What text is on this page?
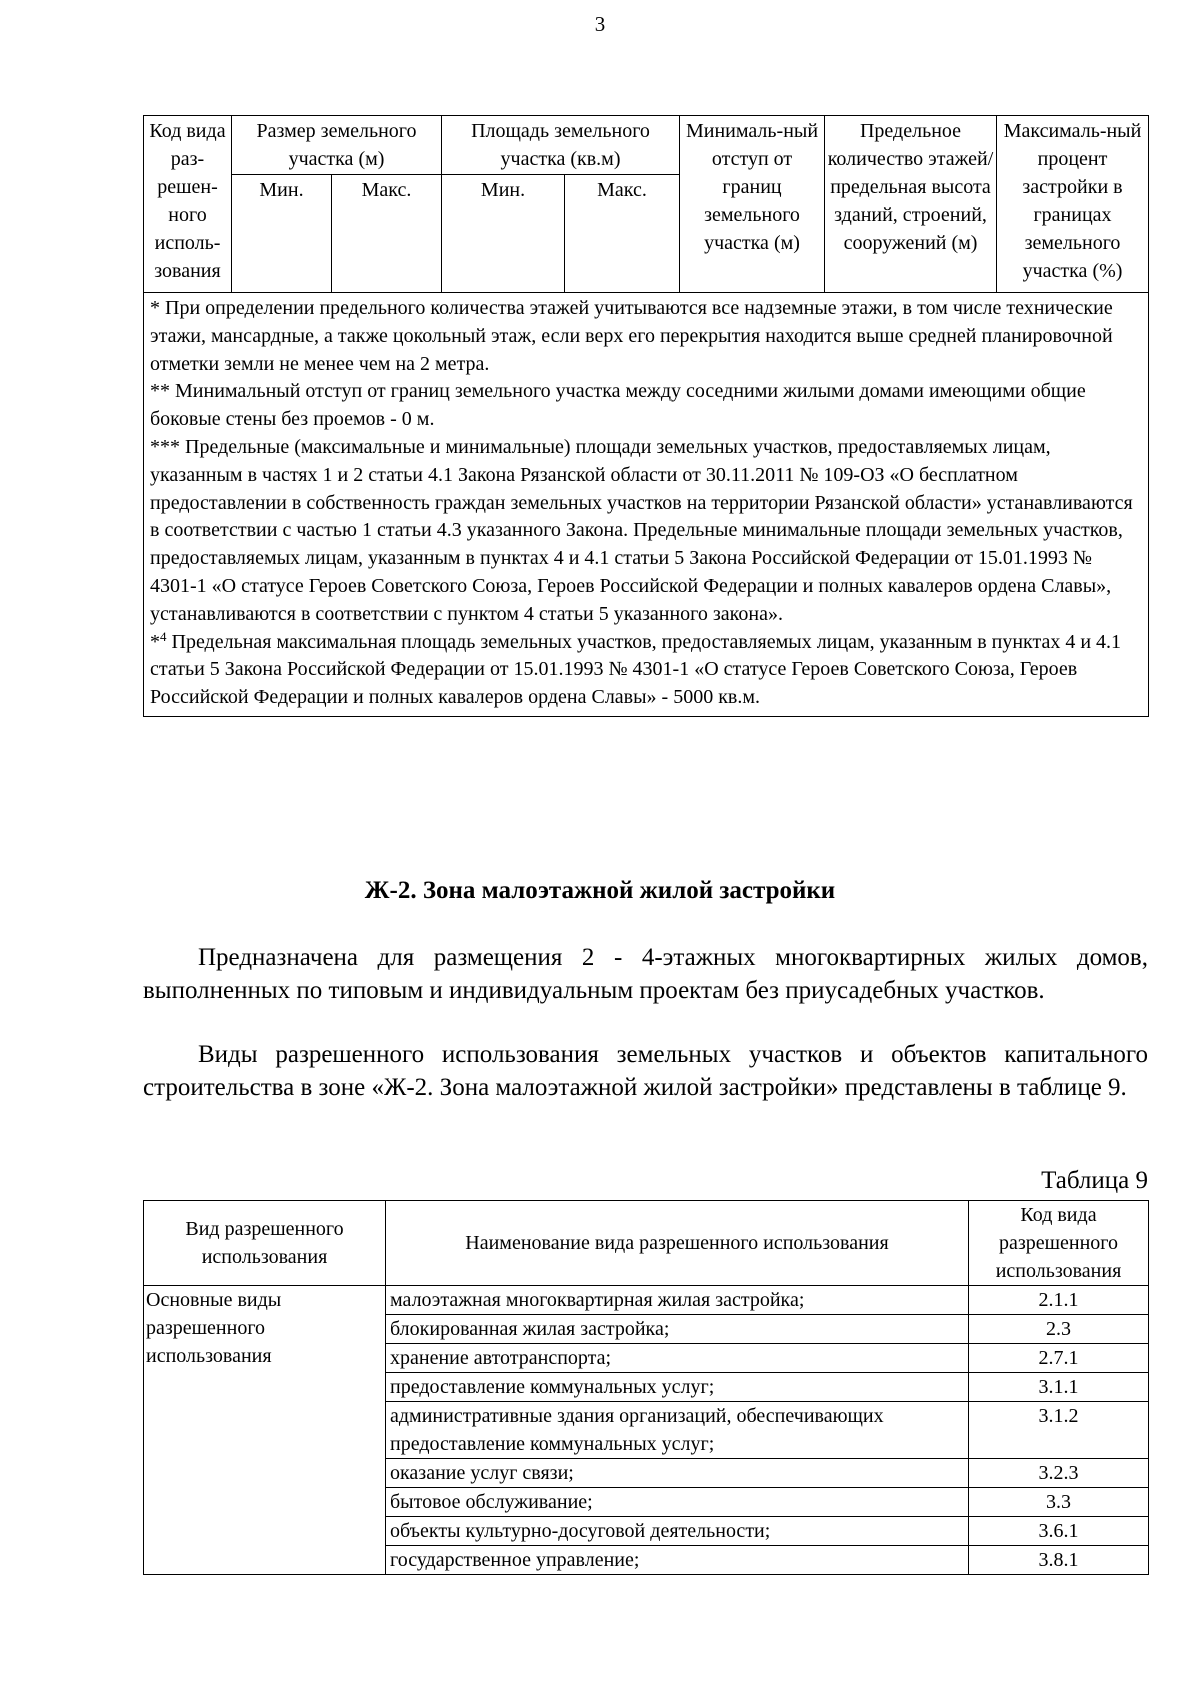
3
Код вида раз-решен-ного исполь-зования	Размер земельного участка (м)		Площадь земельного участка (кв.м)		Минималь-ный отступ от границ земельного участка (м)	Предельное количество этажей/ предельная высота зданий, строений, сооружений (м)	Максималь-ный процент застройки в границах земельного участка (%)
	Мин.	Макс.	Мин.	Макс.			

* При определении предельного количества этажей учитываются все надземные этажи, в том числе технические этажи, мансардные, а также цокольный этаж, если верх его перекрытия находится выше средней планировочной отметки земли не менее чем на 2 метра.

** Минимальный отступ от границ земельного участка между соседними жилыми домами имеющими общие боковые стены без проемов - 0 м.

*** Предельные (максимальные и минимальные) площади земельных участков, предоставляемых лицам, указанным в частях 1 и 2 статьи 4.1 Закона Рязанской области от 30.11.2011 № 109-ОЗ «О бесплатном предоставлении в собственность граждан земельных участков на территории Рязанской области» устанавливаются в соответствии с частью 1 статьи 4.3 указанного Закона. Предельные минимальные площади земельных участков, предоставляемых лицам, указанным в пунктах 4 и 4.1 статьи 5 Закона Российской Федерации от 15.01.1993 № 4301-1 «О статусе Героев Советского Союза, Героев Российской Федерации и полных кавалеров ордена Славы», устанавливаются в соответствии с пунктом 4 статьи 5 указанного закона».

*$^4$ Предельная максимальная площадь земельных участков, предоставляемых лицам, указанным в пунктах 4 и 4.1 статьи 5 Закона Российской Федерации от 15.01.1993 № 4301-1 «О статусе Героев Советского Союза, Героев Российской Федерации и полных кавалеров ордена Славы» - 5000 кв.м.							

Ж-2. Зона малоэтажной жилой застройки

Предназначена для размещения 2 - 4-этажных многоквартирных жилых домов, выполненных по типовым и индивидуальным проектам без приусадебных участков.

Виды разрешенного использования земельных участков и объектов капитального строительства в зоне «Ж-2. Зона малоэтажной жилой застройки» представлены в таблице 9.

Таблица 9

Вид разрешенного использования	Наименование вида разрешенного использования	Код вида разрешенного использования
Основные виды разрешенного использования	малоэтажная многоквартирная жилая застройка;	2.1.1
	блокированная жилая застройка;	2.3
	хранение автотранспорта;	2.7.1
	предоставление коммунальных услуг;	3.1.1
	административные здания организаций, обеспечивающих предоставление коммунальных услуг;	3.1.2
	оказание услуг связи;	3.2.3
	бытовое обслуживание;	3.3
	объекты культурно-досуговой деятельности;	3.6.1
	государственное управление;	3.8.1
